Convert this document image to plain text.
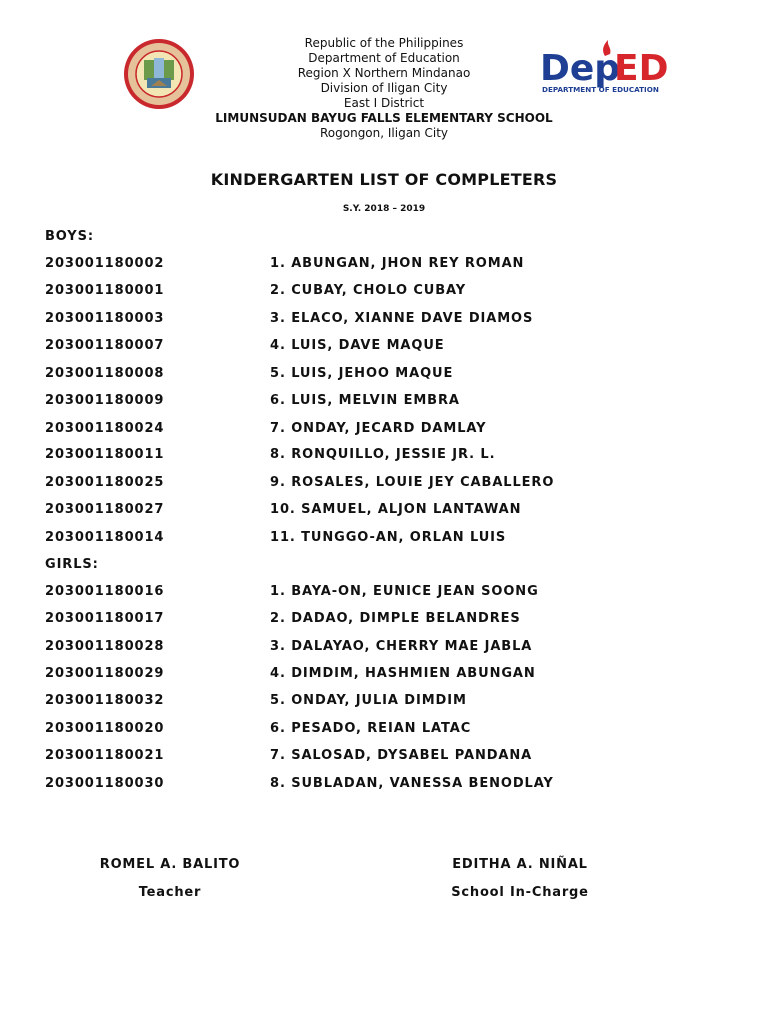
Dep
ED
DEPARTMENT OF EDUCATION
Republic of the Philippines
Department of Education
Region X Northern Mindanao
Division of Iligan City
East I District
LIMUNSUDAN BAYUG FALLS ELEMENTARY SCHOOL
Rogongon, Iligan City
KINDERGARTEN LIST OF COMPLETERS
S.Y. 2018 – 2019
BOYS:
203001180002	1. ABUNGAN, JHON REY ROMAN
203001180001	2. CUBAY, CHOLO CUBAY
203001180003	3. ELACO, XIANNE DAVE DIAMOS
203001180007	4. LUIS, DAVE MAQUE
203001180008	5. LUIS, JEHOO MAQUE
203001180009	6. LUIS, MELVIN EMBRA
203001180024	7. ONDAY, JECARD DAMLAY
203001180011	8. RONQUILLO, JESSIE JR. L.
203001180025	9. ROSALES, LOUIE JEY CABALLERO
203001180027	10. SAMUEL, ALJON LANTAWAN
203001180014	11. TUNGGO-AN, ORLAN LUIS
GIRLS:
203001180016	1. BAYA-ON, EUNICE JEAN SOONG
203001180017	2. DADAO, DIMPLE BELANDRES
203001180028	3. DALAYAO, CHERRY MAE JABLA
203001180029	4. DIMDIM, HASHMIEN ABUNGAN
203001180032	5. ONDAY, JULIA DIMDIM
203001180020	6. PESADO, REIAN LATAC
203001180021	7. SALOSAD, DYSABEL PANDANA
203001180030	8. SUBLADAN, VANESSA BENODLAY
ROMEL A. BALITO
Teacher
EDITHA A. NIÑAL
School In-Charge
